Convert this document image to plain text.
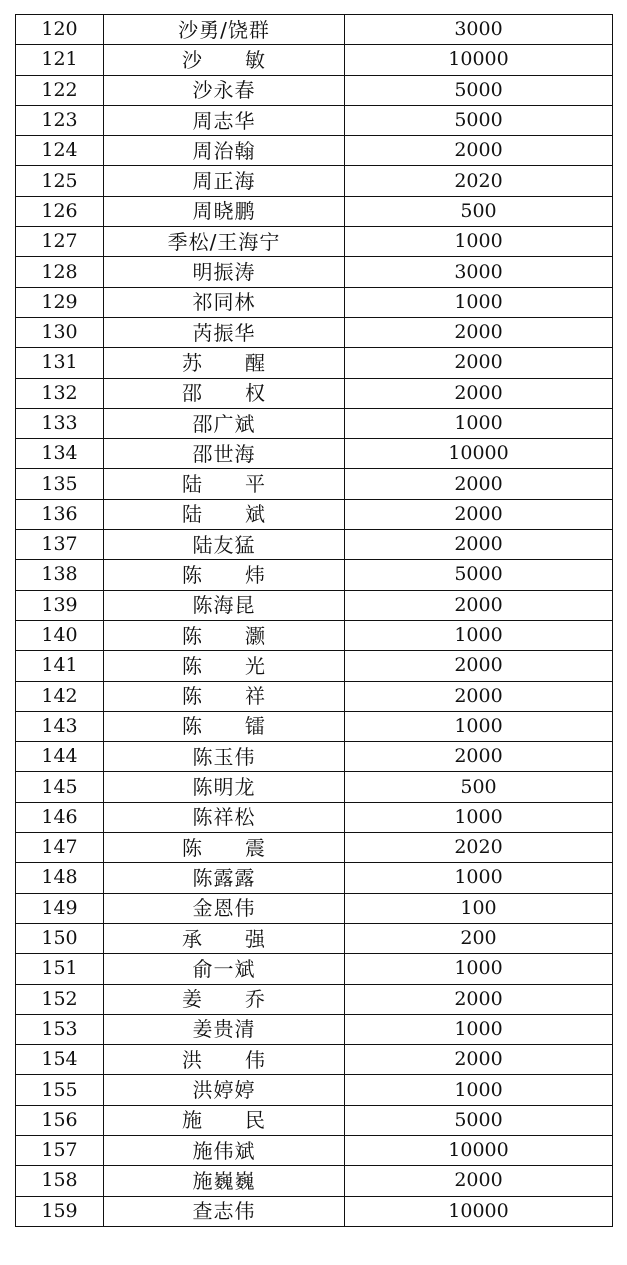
120	沙勇/饶群	3000
121	沙　　敏	10000
122	沙永春	5000
123	周志华	5000
124	周治翰	2000
125	周正海	2020
126	周晓鹏	500
127	季松/王海宁	1000
128	明振涛	3000
129	祁同林	1000
130	芮振华	2000
131	苏　　醒	2000
132	邵　　权	2000
133	邵广斌	1000
134	邵世海	10000
135	陆　　平	2000
136	陆　　斌	2000
137	陆友猛	2000
138	陈　　炜	5000
139	陈海昆	2000
140	陈　　灏	1000
141	陈　　光	2000
142	陈　　祥	2000
143	陈　　镭	1000
144	陈玉伟	2000
145	陈明龙	500
146	陈祥松	1000
147	陈　　震	2020
148	陈露露	1000
149	金恩伟	100
150	承　　强	200
151	俞一斌	1000
152	姜　　乔	2000
153	姜贵清	1000
154	洪　　伟	2000
155	洪婷婷	1000
156	施　　民	5000
157	施伟斌	10000
158	施巍巍	2000
159	查志伟	10000
